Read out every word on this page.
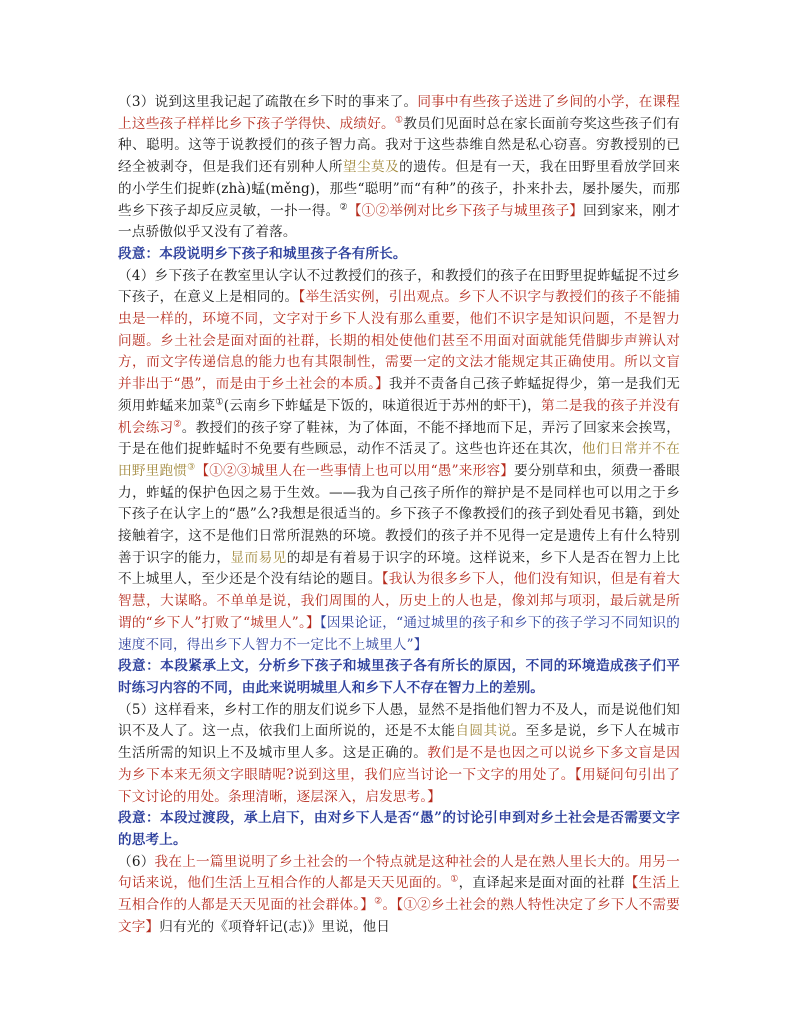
（3）说到这里我记起了疏散在乡下时的事来了。同事中有些孩子送进了乡间的小学，在课程上这些孩子样样比乡下孩子学得快、成绩好。①教员们见面时总在家长面前夸奖这些孩子们有种、聪明。这等于说教授们的孩子智力高。我对于这些恭维自然是私心窃喜。穷教授别的已经全被剥夺，但是我们还有别种人所望尘莫及的遗传。但是有一天，我在田野里看放学回来的小学生们捉蚱(zhà)蜢(měng)，那些“聪明”而“有种”的孩子，扑来扑去，屡扑屡失，而那些乡下孩子却反应灵敏，一扑一得。②【①②举例对比乡下孩子与城里孩子】回到家来，刚才一点骄傲似乎又没有了着落。

段意：本段说明乡下孩子和城里孩子各有所长。

（4）乡下孩子在教室里认字认不过教授们的孩子，和教授们的孩子在田野里捉蚱蜢捉不过乡下孩子，在意义上是相同的。【举生活实例，引出观点。乡下人不识字与教授们的孩子不能捕虫是一样的，环境不同，文字对于乡下人没有那么重要，他们不识字是知识问题，不是智力问题。乡土社会是面对面的社群，长期的相处使他们甚至不用面对面就能凭借脚步声辨认对方，而文字传递信息的能力也有其限制性，需要一定的文法才能规定其正确使用。所以文盲并非出于“愚”，而是由于乡土社会的本质。】我并不责备自己孩子蚱蜢捉得少，第一是我们无须用蚱蜢来加菜①(云南乡下蚱蜢是下饭的，味道很近于苏州的虾干)，第二是我的孩子并没有机会练习②。教授们的孩子穿了鞋袜，为了体面，不能不择地而下足，弄污了回家来会挨骂，于是在他们捉蚱蜢时不免要有些顾忌，动作不活灵了。这些也许还在其次，他们日常并不在田野里跑惯③【①②③城里人在一些事情上也可以用“愚”来形容】要分别草和虫，须费一番眼力，蚱蜢的保护色因之易于生效。——我为自己孩子所作的辩护是不是同样也可以用之于乡下孩子在认字上的“愚”么?我想是很适当的。乡下孩子不像教授们的孩子到处看见书籍，到处接触着字，这不是他们日常所混熟的环境。教授们的孩子并不见得一定是遗传上有什么特别善于识字的能力，显而易见的却是有着易于识字的环境。这样说来，乡下人是否在智力上比不上城里人，至少还是个没有结论的题目。【我认为很多乡下人，他们没有知识，但是有着大智慧，大谋略。不单单是说，我们周围的人，历史上的人也是，像刘邦与项羽，最后就是所谓的“乡下人”打败了“城里人”。】【因果论证，“通过城里的孩子和乡下的孩子学习不同知识的速度不同，得出乡下人智力不一定比不上城里人”】

段意：本段紧承上文，分析乡下孩子和城里孩子各有所长的原因，不同的环境造成孩子们平时练习内容的不同，由此来说明城里人和乡下人不存在智力上的差别。

（5）这样看来，乡村工作的朋友们说乡下人愚，显然不是指他们智力不及人，而是说他们知识不及人了。这一点，依我们上面所说的，还是不太能自圆其说。至多是说，乡下人在城市生活所需的知识上不及城市里人多。这是正确的。教们是不是也因之可以说乡下多文盲是因为乡下本来无须文字眼睛呢?说到这里，我们应当讨论一下文字的用处了。【用疑问句引出了下文讨论的用处。条理清晰，逐层深入，启发思考。】

段意：本段过渡段，承上启下，由对乡下人是否“愚”的讨论引申到对乡土社会是否需要文字的思考上。

（6）我在上一篇里说明了乡土社会的一个特点就是这种社会的人是在熟人里长大的。用另一句话来说，他们生活上互相合作的人都是天天见面的。①，直译起来是面对面的社群【生活上互相合作的人都是天天见面的社会群体。】②。【①②乡土社会的熟人特性决定了乡下人不需要文字】归有光的《项脊轩记(志)》里说，他日
